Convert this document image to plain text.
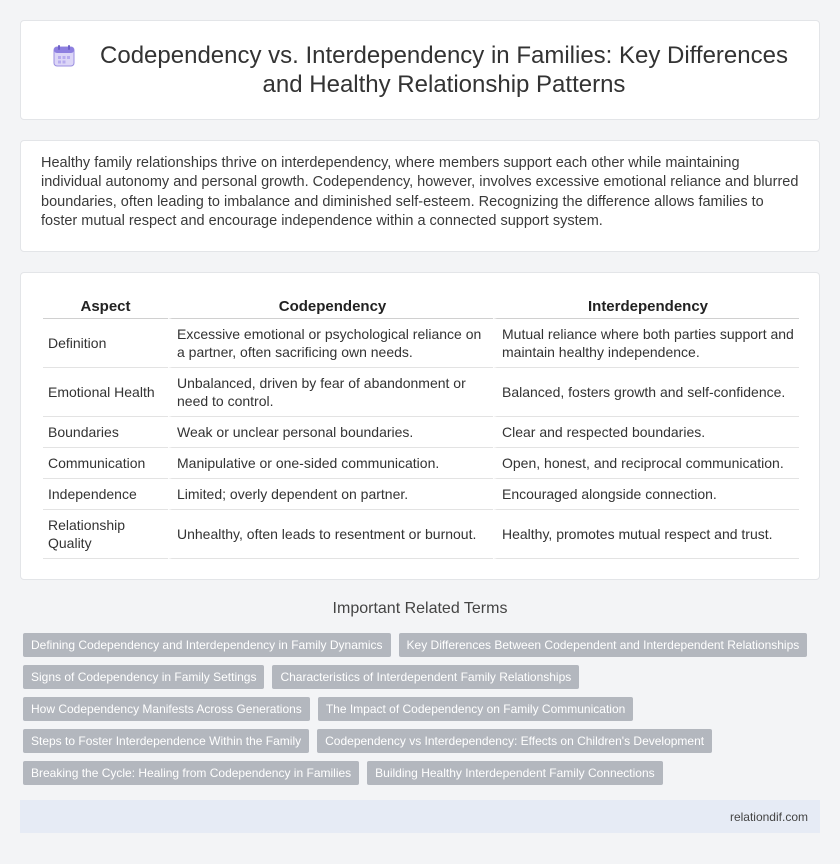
Codependency vs. Interdependency in Families: Key Differences and Healthy Relationship Patterns

Healthy family relationships thrive on interdependency, where members support each other while maintaining individual autonomy and personal growth. Codependency, however, involves excessive emotional reliance and blurred boundaries, often leading to imbalance and diminished self-esteem. Recognizing the difference allows families to foster mutual respect and encourage independence within a connected support system.

Aspect	Codependency	Interdependency
Definition	Excessive emotional or psychological reliance on a partner, often sacrificing own needs.	Mutual reliance where both parties support and maintain healthy independence.
Emotional Health	Unbalanced, driven by fear of abandonment or need to control.	Balanced, fosters growth and self-confidence.
Boundaries	Weak or unclear personal boundaries.	Clear and respected boundaries.
Communication	Manipulative or one-sided communication.	Open, honest, and reciprocal communication.
Independence	Limited; overly dependent on partner.	Encouraged alongside connection.
Relationship Quality	Unhealthy, often leads to resentment or burnout.	Healthy, promotes mutual respect and trust.
Important Related Terms
Defining Codependency and Interdependency in Family Dynamics	Key Differences Between Codependent and Interdependent Relationships
Signs of Codependency in Family Settings	Characteristics of Interdependent Family Relationships
How Codependency Manifests Across Generations	The Impact of Codependency on Family Communication
Steps to Foster Interdependence Within the Family	Codependency vs Interdependency: Effects on Children's Development
Breaking the Cycle: Healing from Codependency in Families	Building Healthy Interdependent Family Connections
relationdif.com
